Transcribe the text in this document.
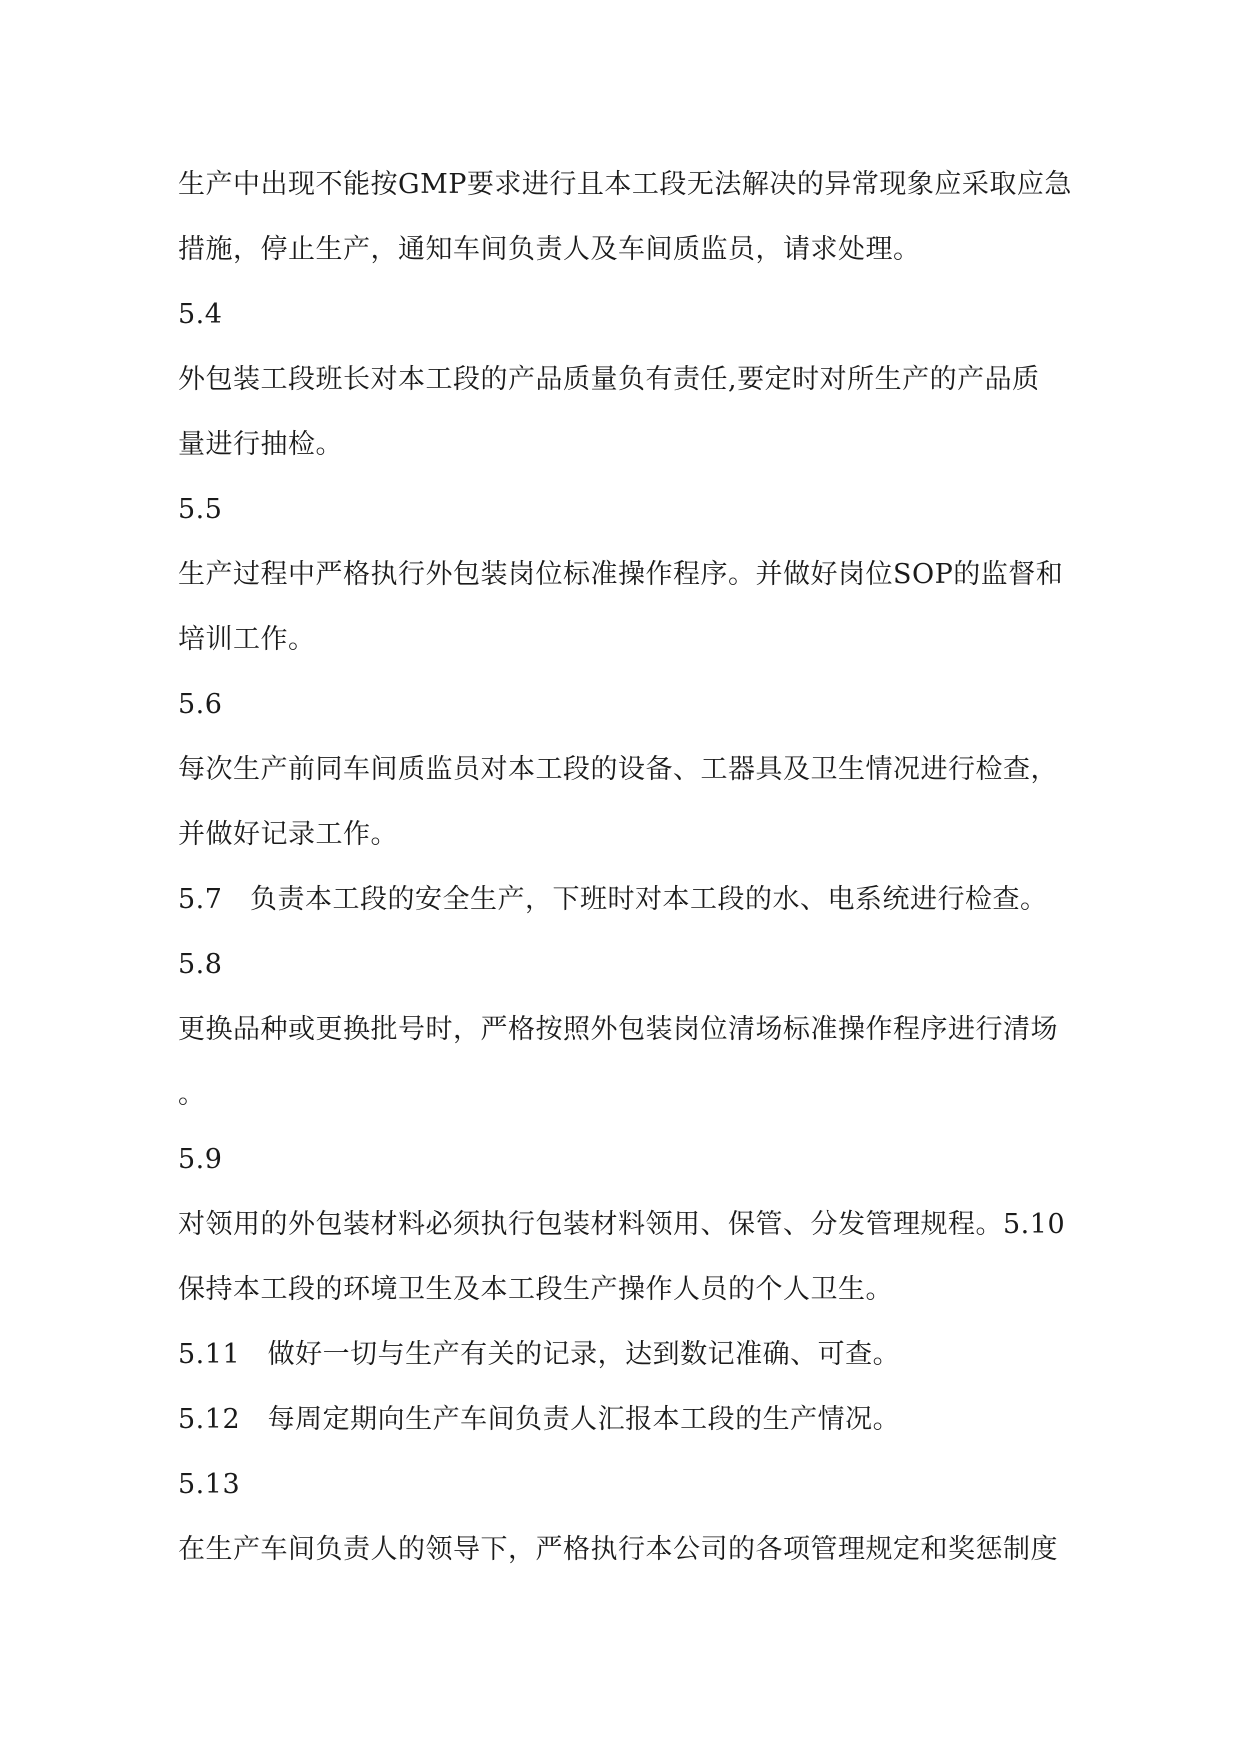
生产中出现不能按GMP要求进行且本工段无法解决的异常现象应采取应急
措施，停止生产，通知车间负责人及车间质监员，请求处理。
5.4
外包装工段班长对本工段的产品质量负有责任,要定时对所生产的产品质
量进行抽检。
5.5
生产过程中严格执行外包装岗位标准操作程序。并做好岗位SOP的监督和
培训工作。
5.6
每次生产前同车间质监员对本工段的设备、工器具及卫生情况进行检查，
并做好记录工作。
5.7　负责本工段的安全生产，下班时对本工段的水、电系统进行检查。
5.8
更换品种或更换批号时，严格按照外包装岗位清场标准操作程序进行清场
。
5.9
对领用的外包装材料必须执行包装材料领用、保管、分发管理规程。5.10
保持本工段的环境卫生及本工段生产操作人员的个人卫生。
5.11　做好一切与生产有关的记录，达到数记准确、可查。
5.12　每周定期向生产车间负责人汇报本工段的生产情况。
5.13
在生产车间负责人的领导下，严格执行本公司的各项管理规定和奖惩制度
